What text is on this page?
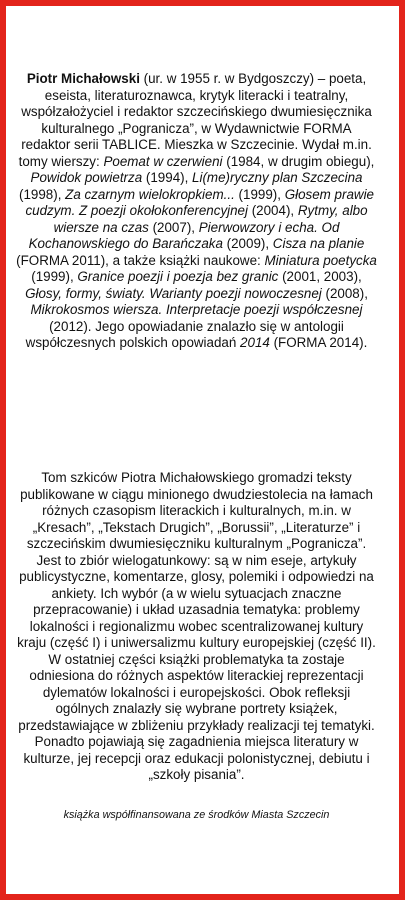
Piotr Michałowski (ur. w 1955 r. w Bydgoszczy) – poeta, eseista, literaturoznawca, krytyk literacki i teatralny, współzałożyciel i redaktor szczecińskiego dwumiesięcznika kulturalnego „Pogranicza”, w Wydawnictwie FORMA redaktor serii TABLICE. Mieszka w Szczecinie. Wydał m.in. tomy wierszy: Poemat w czerwieni (1984, w drugim obiegu), Powidok powietrza (1994), Li(me)ryczny plan Szczecina (1998), Za czarnym wielokropkiem... (1999), Głosem prawie cudzym. Z poezji okołokonferencyjnej (2004), Rytmy, albo wiersze na czas (2007), Pierwowzory i echa. Od Kochanowskiego do Barańczaka (2009), Cisza na planie (FORMA 2011), a także książki naukowe: Miniatura poetycka (1999), Granice poezji i poezja bez granic (2001, 2003), Głosy, formy, światy. Warianty poezji nowoczesnej (2008), Mikrokosmos wiersza. Interpretacje poezji współczesnej (2012). Jego opowiadanie znalazło się w antologii współczesnych polskich opowiadań 2014 (FORMA 2014).
Tom szkiców Piotra Michałowskiego gromadzi teksty publikowane w ciągu minionego dwudziestolecia na łamach różnych czasopism literackich i kulturalnych, m.in. w „Kresach”, „Tekstach Drugich”, „Borussii”, „Literaturze” i szczecińskim dwumiesięczniku kulturalnym „Pogranicza”. Jest to zbiór wielogatunkowy: są w nim eseje, artykuły publicystyczne, komentarze, glosy, polemiki i odpowiedzi na ankiety. Ich wybór (a w wielu sytuacjach znaczne przepracowanie) i układ uzasadnia tematyka: problemy lokalności i regionalizmu wobec scentralizowanej kultury kraju (część I) i uniwersalizmu kultury europejskiej (część II). W ostatniej części książki problematyka ta zostaje odniesiona do różnych aspektów literackiej reprezentacji dylematów lokalności i europejskości. Obok refleksji ogólnych znalazły się wybrane portrety książek, przedstawiające w zbliżeniu przykłady realizacji tej tematyki. Ponadto pojawiają się zagadnienia miejsca literatury w kulturze, jej recepcji oraz edukacji polonistycznej, debiutu i „szkoły pisania”.
książka współfinansowana ze środków Miasta Szczecin
